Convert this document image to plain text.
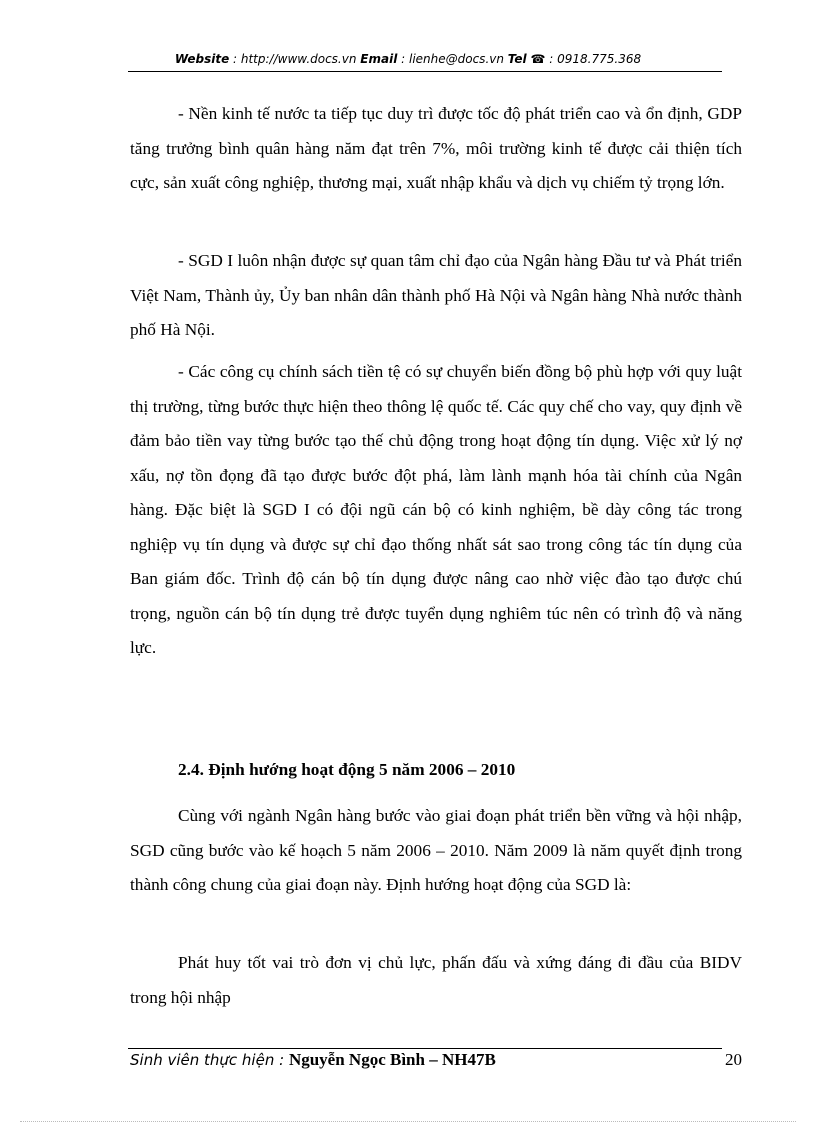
Website : http://www.docs.vn Email : lienhe@docs.vn Tel ☎ : 0918.775.368

- Nền kinh tế nước ta tiếp tục duy trì được tốc độ phát triển cao và ổn định, GDP tăng trưởng bình quân hàng năm đạt trên 7%, môi trường kinh tế được cải thiện tích cực, sản xuất công nghiệp, thương mại, xuất nhập khẩu và dịch vụ chiếm tỷ trọng lớn.

- SGD I luôn nhận được sự quan tâm chỉ đạo của Ngân hàng Đầu tư và Phát triển Việt Nam, Thành ủy, Ủy ban nhân dân thành phố Hà Nội và Ngân hàng Nhà nước thành phố Hà Nội.

- Các công cụ chính sách tiền tệ có sự chuyển biến đồng bộ phù hợp với quy luật thị trường, từng bước thực hiện theo thông lệ quốc tế. Các quy chế cho vay, quy định về đảm bảo tiền vay từng bước tạo thế chủ động trong hoạt động tín dụng. Việc xử lý nợ xấu, nợ tồn đọng đã tạo được bước đột phá, làm lành mạnh hóa tài chính của Ngân hàng. Đặc biệt là SGD I có đội ngũ cán bộ có kinh nghiệm, bề dày công tác trong nghiệp vụ tín dụng và được sự chỉ đạo thống nhất sát sao trong công tác tín dụng của Ban giám đốc. Trình độ cán bộ tín dụng được nâng cao nhờ việc đào tạo được chú trọng, nguồn cán bộ tín dụng trẻ được tuyển dụng nghiêm túc nên có trình độ và năng lực.

2.4. Định hướng hoạt động 5 năm 2006 – 2010

Cùng với ngành Ngân hàng bước vào giai đoạn phát triển bền vững và hội nhập, SGD cũng bước vào kế hoạch 5 năm 2006 – 2010. Năm 2009 là năm quyết định trong thành công chung của giai đoạn này. Định hướng hoạt động của SGD là:

Phát huy tốt vai trò đơn vị chủ lực, phấn đấu và xứng đáng đi đầu của BIDV trong hội nhập

Sinh viên thực hiện : Nguyễn Ngọc Bình – NH47B	20
